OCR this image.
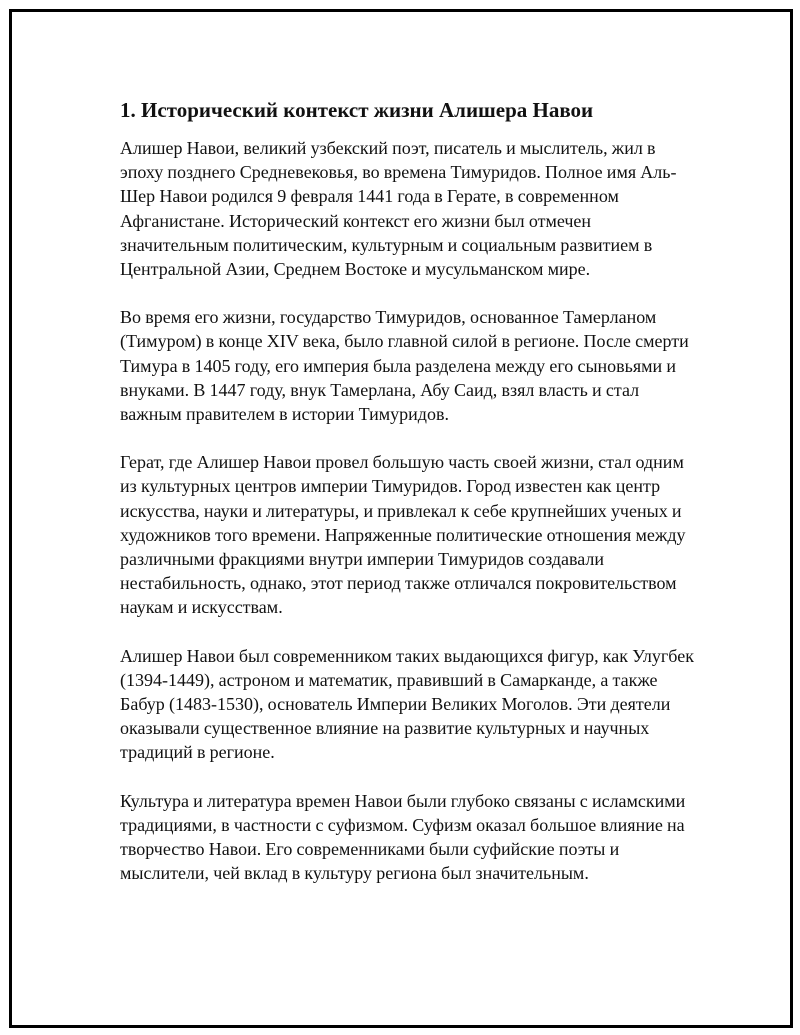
1. Исторический контекст жизни Алишера Навои

Алишер Навои, великий узбекский поэт, писатель и мыслитель, жил в эпоху позднего Средневековья, во времена Тимуридов. Полное имя Аль-Шер Навои родился 9 февраля 1441 года в Герате, в современном Афганистане. Исторический контекст его жизни был отмечен значительным политическим, культурным и социальным развитием в Центральной Азии, Среднем Востоке и мусульманском мире.

Во время его жизни, государство Тимуридов, основанное Тамерланом (Тимуром) в конце XIV века, было главной силой в регионе. После смерти Тимура в 1405 году, его империя была разделена между его сыновьями и внуками. В 1447 году, внук Тамерлана, Абу Саид, взял власть и стал важным правителем в истории Тимуридов.

Герат, где Алишер Навои провел большую часть своей жизни, стал одним из культурных центров империи Тимуридов. Город известен как центр искусства, науки и литературы, и привлекал к себе крупнейших ученых и художников того времени. Напряженные политические отношения между различными фракциями внутри империи Тимуридов создавали нестабильность, однако, этот период также отличался покровительством наукам и искусствам.

Алишер Навои был современником таких выдающихся фигур, как Улугбек (1394-1449), астроном и математик, правивший в Самарканде, а также Бабур (1483-1530), основатель Империи Великих Моголов. Эти деятели оказывали существенное влияние на развитие культурных и научных традиций в регионе.

Культура и литература времен Навои были глубоко связаны с исламскими традициями, в частности с суфизмом. Суфизм оказал большое влияние на творчество Навои. Его современниками были суфийские поэты и мыслители, чей вклад в культуру региона был значительным.
